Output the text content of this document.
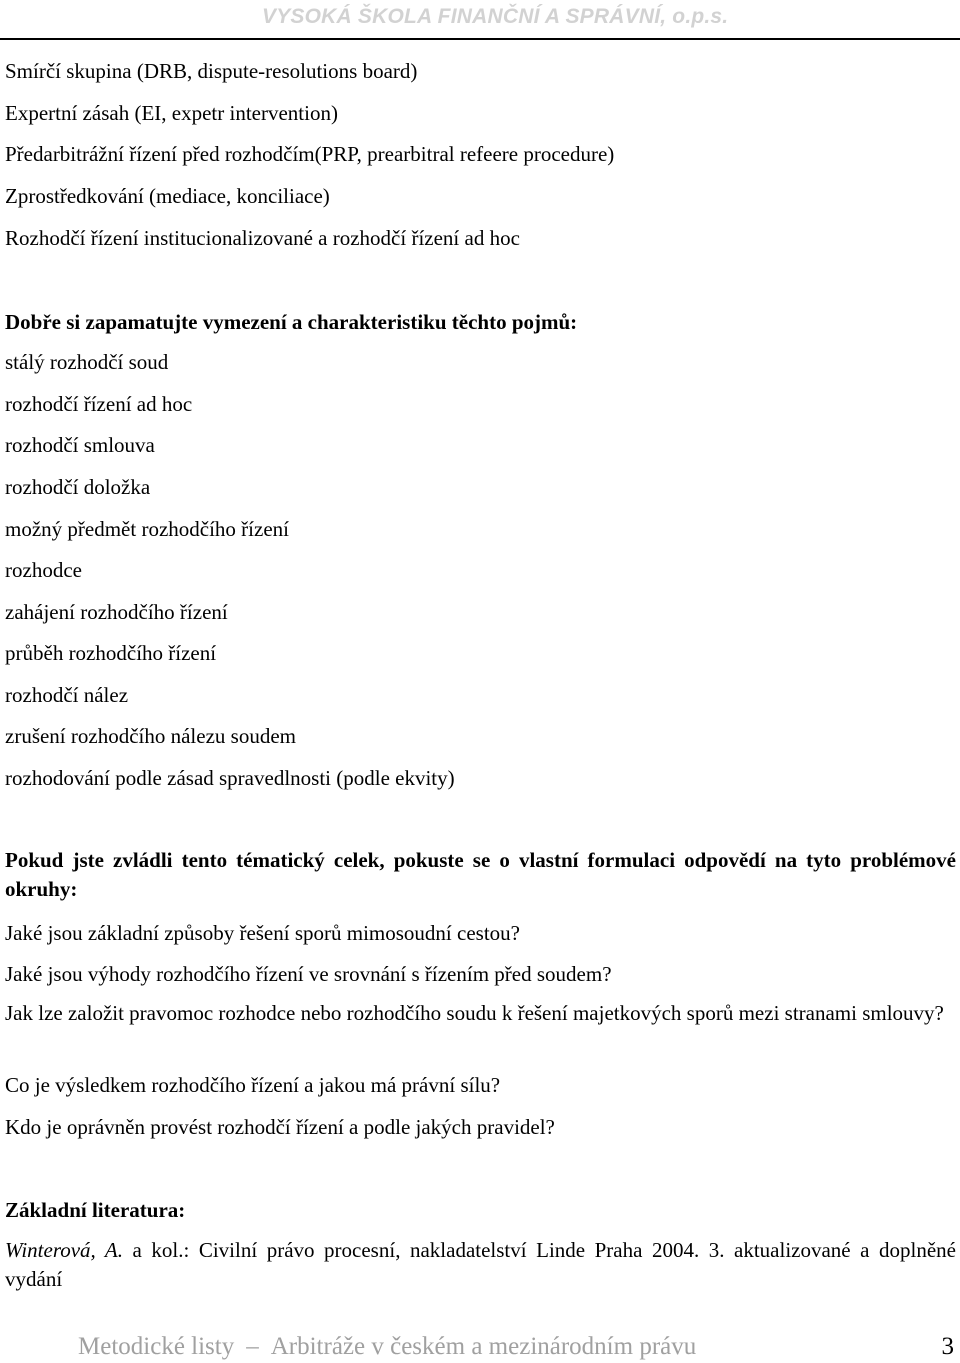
VYSOKÁ ŠKOLA FINANČNÍ A SPRÁVNÍ, o.p.s.
Smírčí skupina (DRB, dispute-resolutions board)
Expertní zásah (EI, expetr intervention)
Předarbitrážní řízení před rozhodčím(PRP, prearbitral refeere procedure)
Zprostředkování (mediace, konciliace)
Rozhodčí řízení institucionalizované a rozhodčí řízení ad hoc
Dobře si zapamatujte vymezení a charakteristiku těchto pojmů:
stálý rozhodčí soud
rozhodčí řízení ad hoc
rozhodčí smlouva
rozhodčí doložka
možný předmět rozhodčího řízení
rozhodce
zahájení rozhodčího řízení
průběh rozhodčího řízení
rozhodčí nález
zrušení rozhodčího nálezu soudem
rozhodování podle zásad spravedlnosti (podle ekvity)
Pokud jste zvládli tento tématický celek, pokuste se o vlastní formulaci odpovědí na tyto problémové okruhy:
Jaké jsou základní způsoby řešení sporů mimosoudní cestou?
Jaké jsou výhody rozhodčího řízení ve srovnání s řízením před soudem?
Jak lze založit pravomoc rozhodce nebo rozhodčího soudu k řešení majetkových sporů mezi stranami smlouvy?
Co je výsledkem rozhodčího řízení a jakou má právní sílu?
Kdo je oprávněn provést rozhodčí řízení a podle jakých pravidel?
Základní literatura:
Winterová, A. a kol.: Civilní právo procesní, nakladatelství Linde Praha 2004. 3. aktualizované a doplněné vydání
Metodické listy – Arbitráže v českém a mezinárodním právu	3
